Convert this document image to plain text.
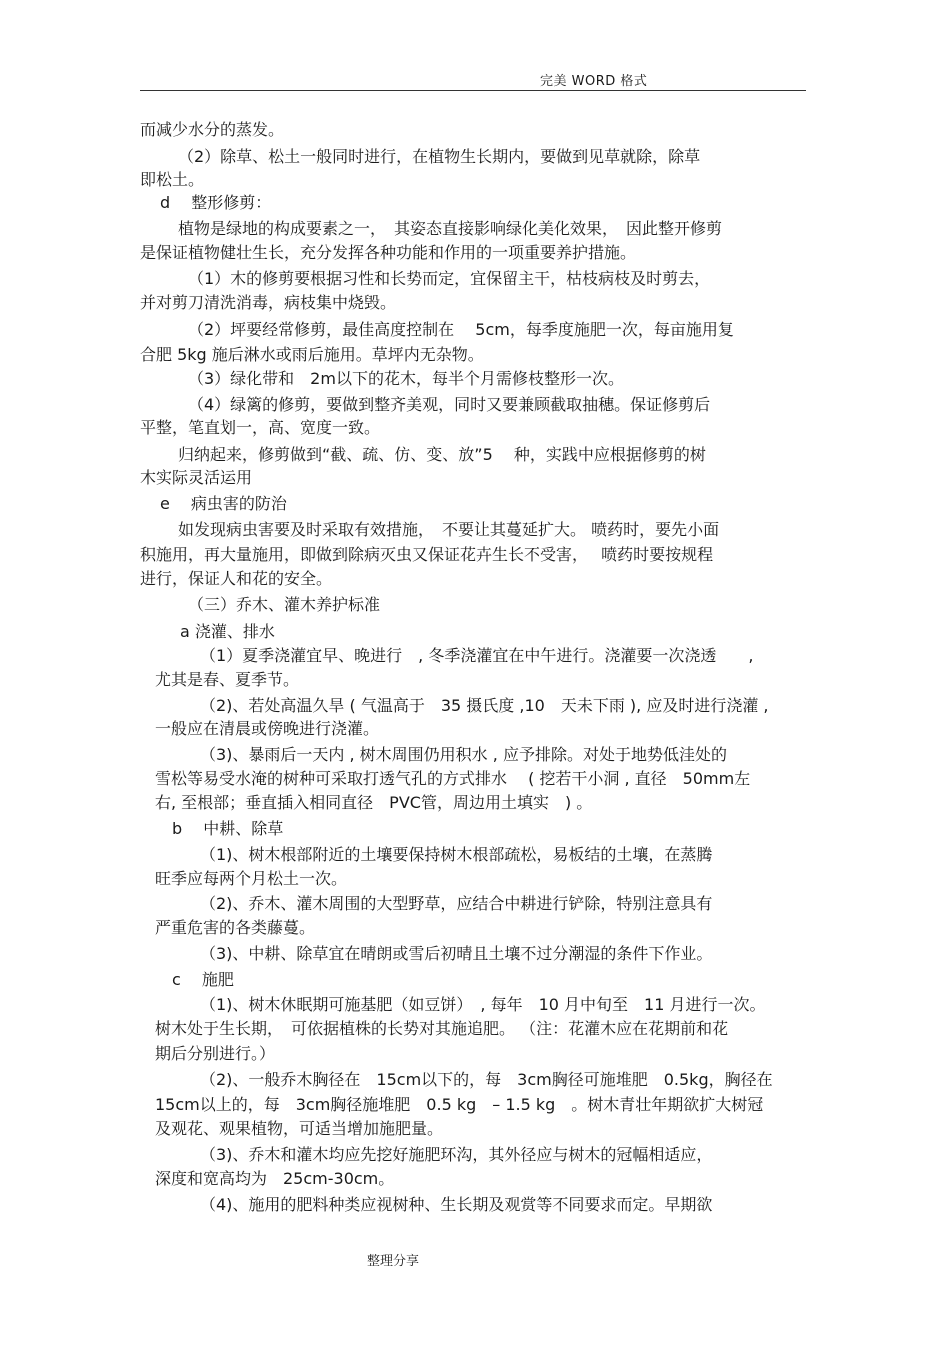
完美 WORD 格式
而减少水分的蒸发。
（2）除草、松土一般同时进行，在植物生长期内，要做到见草就除，除草
即松土。
d　 整形修剪：
植物是绿地的构成要素之一，　其姿态直接影响绿化美化效果，　因此整开修剪
是保证植物健壮生长，充分发挥各种功能和作用的一项重要养护措施。
（1）木的修剪要根据习性和长势而定，宜保留主干，枯枝病枝及时剪去，
并对剪刀清洗消毒，病枝集中烧毁。
（2）坪要经常修剪，最佳高度控制在　 5cm，每季度施肥一次，每亩施用复
合肥 5kg 施后淋水或雨后施用。草坪内无杂物。
（3）绿化带和　2m以下的花木，每半个月需修枝整形一次。
（4）绿篱的修剪，要做到整齐美观，同时又要兼顾截取抽穗。保证修剪后
平整，笔直划一，高、宽度一致。
归纳起来，修剪做到“截、疏、仿、变、放”5　 种，实践中应根据修剪的树
木实际灵活运用
e　 病虫害的防治
如发现病虫害要及时采取有效措施，　不要让其蔓延扩大。 喷药时，要先小面
积施用，再大量施用，即做到除病灭虫又保证花卉生长不受害，　 喷药时要按规程
进行，保证人和花的安全。
（三）乔木、灌木养护标准
a 浇灌、排水
（1）夏季浇灌宜早、晚进行　, 冬季浇灌宜在中午进行。浇灌要一次浇透　　,
尤其是春、夏季节。
（2)、若处高温久旱 ( 气温高于　35 摄氏度 ,10　天未下雨 ), 应及时进行浇灌 ,
一般应在清晨或傍晚进行浇灌。
（3)、暴雨后一天内 , 树木周围仍用积水 , 应予排除。对处于地势低洼处的
雪松等易受水淹的树种可采取打透气孔的方式排水　 ( 挖若干小洞 , 直径　50mm左
右, 至根部；垂直插入相同直径　PVC管，周边用土填实　) 。
b　 中耕、除草
（1)、树木根部附近的土壤要保持树木根部疏松，易板结的土壤，在蒸腾
旺季应每两个月松土一次。
（2)、乔木、灌木周围的大型野草，应结合中耕进行铲除，特别注意具有
严重危害的各类藤蔓。
（3)、中耕、除草宜在晴朗或雪后初晴且土壤不过分潮湿的条件下作业。
c　 施肥
（1)、树木休眠期可施基肥（如豆饼）　, 每年　10 月中旬至　11 月进行一次。
树木处于生长期，　可依据植株的长势对其施追肥。 （注：花灌木应在花期前和花
期后分别进行。）
（2)、一般乔木胸径在　15cm以下的，每　3cm胸径可施堆肥　0.5kg，胸径在
15cm以上的，每　3cm胸径施堆肥　0.5 kg　– 1.5 kg　。树木青壮年期欲扩大树冠
及观花、观果植物，可适当增加施肥量。
（3)、乔木和灌木均应先挖好施肥环沟，其外径应与树木的冠幅相适应，
深度和宽高均为　25cm-30cm。
（4)、施用的肥料种类应视树种、生长期及观赏等不同要求而定。早期欲
整理分享
